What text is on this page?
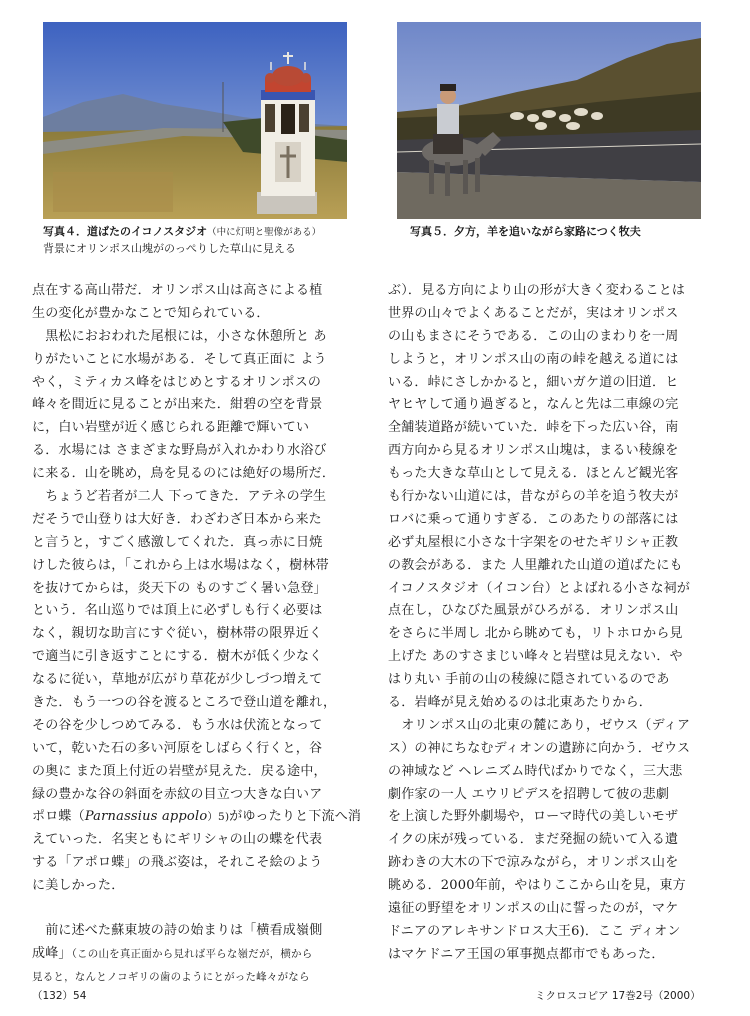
写真４．道ばたのイコノスタジオ（中に灯明と聖像がある）
背景にオリンポス山塊がのっぺりした草山に見える
写真５．夕方，羊を追いながら家路につく牧夫
点在する高山帯だ．オリンポス山は高さによる植
生の変化が豊かなことで知られている．
　黒松におおわれた尾根には，小さな休憩所と あ
りがたいことに水場がある．そして真正面に よう
やく，ミティカス峰をはじめとするオリンポスの
峰々を間近に見ることが出来た．紺碧の空を背景
に，白い岩壁が近く感じられる距離で輝いてい
る．水場には さまざまな野鳥が入れかわり水浴び
に来る．山を眺め，鳥を見るのには絶好の場所だ．
　ちょうど若者が二人 下ってきた．アテネの学生
だそうで山登りは大好き．わざわざ日本から来た
と言うと，すごく感激してくれた．真っ赤に日焼
けした彼らは，「これから上は水場はなく，樹林帯
を抜けてからは，炎天下の ものすごく暑い急登」
という．名山巡りでは頂上に必ずしも行く必要は
なく，親切な助言にすぐ従い，樹林帯の限界近く
で適当に引き返すことにする．樹木が低く少なく
なるに従い，草地が広がり草花が少しづつ増えて
きた．もう一つの谷を渡るところで登山道を離れ，
その谷を少しつめてみる．もう水は伏流となって
いて，乾いた石の多い河原をしばらく行くと，谷
の奥に また頂上付近の岩壁が見えた．戻る途中，
緑の豊かな谷の斜面を赤紋の目立つ大きな白いア
ポロ蝶（Parnassius appolo）5)がゆったりと下流へ消
えていった．名実ともにギリシャの山の蝶を代表
する「アポロ蝶」の飛ぶ姿は，それこそ絵のよう
に美しかった．
　前に述べた蘇東坡の詩の始まりは「横看成嶺側
成峰」（この山を真正面から見れば平らな嶺だが，横から
見ると，なんとノコギリの歯のようにとがった峰々がなら
ぶ）．見る方向により山の形が大きく変わることは
世界の山々でよくあることだが，実はオリンポス
の山もまさにそうである．この山のまわりを一周
しようと，オリンポス山の南の峠を越える道には
いる．峠にさしかかると，細いガケ道の旧道．ヒ
ヤヒヤして通り過ぎると，なんと先は二車線の完
全舗装道路が続いていた．峠を下った広い谷，南
西方向から見るオリンポス山塊は，まるい稜線を
もった大きな草山として見える．ほとんど観光客
も行かない山道には，昔ながらの羊を追う牧夫が
ロバに乗って通りすぎる．このあたりの部落には
必ず丸屋根に小さな十字架をのせたギリシャ正教
の教会がある．また 人里離れた山道の道ばたにも
イコノスタジオ（イコン台）とよばれる小さな祠が
点在し，ひなびた風景がひろがる．オリンポス山
をさらに半周し 北から眺めても，リトホロから見
上げた あのすさまじい峰々と岩壁は見えない．や
はり丸い 手前の山の稜線に隠されているのであ
る．岩峰が見え始めるのは北東あたりから．
　オリンポス山の北東の麓にあり，ゼウス（ディア
ス）の神にちなむディオンの遺跡に向かう．ゼウス
の神域など ヘレニズム時代ばかりでなく，三大悲
劇作家の一人 エウリピデスを招聘して彼の悲劇
を上演した野外劇場や，ローマ時代の美しいモザ
イクの床が残っている．まだ発掘の続いて入る遺
跡わきの大木の下で涼みながら，オリンポス山を
眺める．2000年前，やはりここから山を見，東方
遠征の野望をオリンポスの山に誓ったのが，マケ
ドニアのアレキサンドロス大王6)．ここ ディオン
はマケドニア王国の軍事拠点都市でもあった．
（132）54	ミクロスコピア 17巻2号（2000）
